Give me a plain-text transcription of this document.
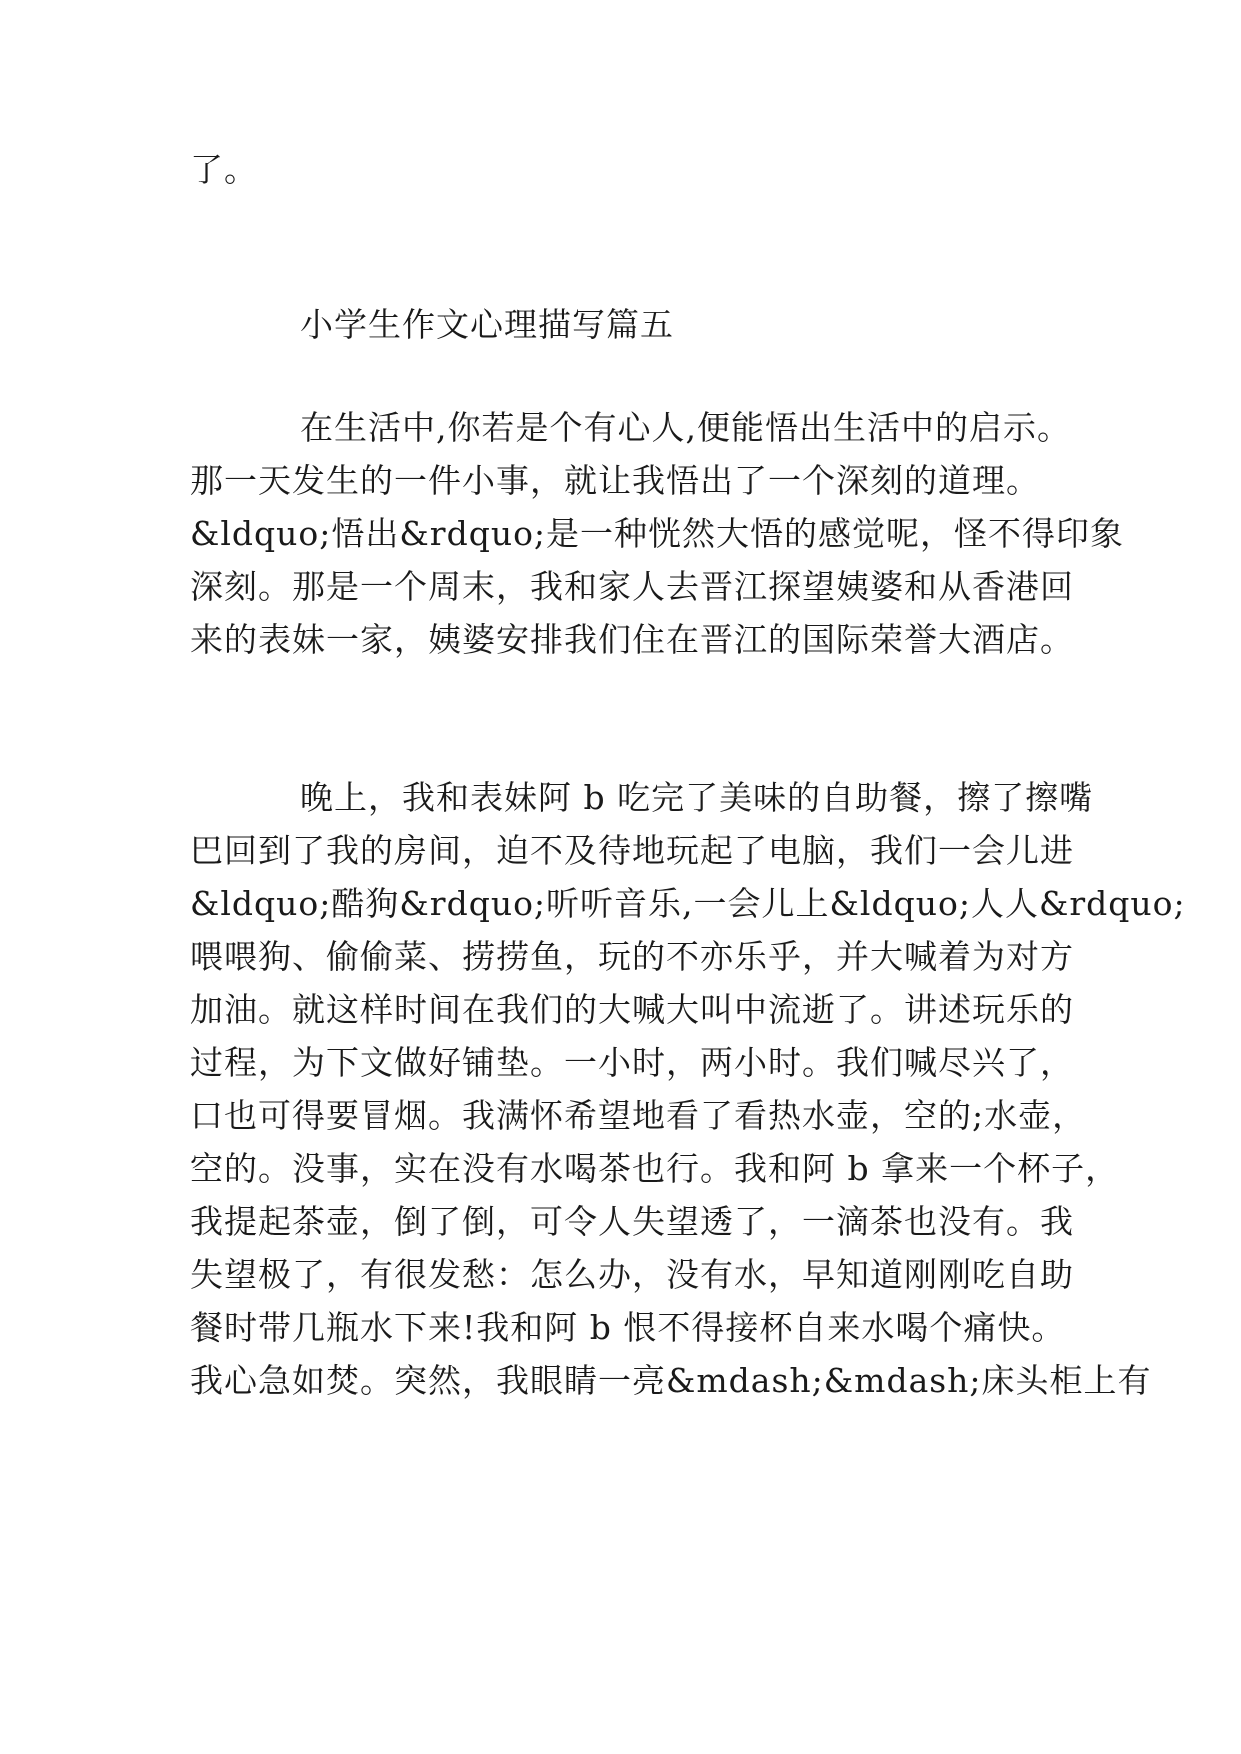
了。
小学生作文心理描写篇五
在生活中,你若是个有心人,便能悟出生活中的启示。
那一天发生的一件小事，就让我悟出了一个深刻的道理。
&ldquo;悟出&rdquo;是一种恍然大悟的感觉呢，怪不得印象
深刻。那是一个周末，我和家人去晋江探望姨婆和从香港回
来的表妹一家，姨婆安排我们住在晋江的国际荣誉大酒店。
晚上，我和表妹阿 b 吃完了美味的自助餐，擦了擦嘴
巴回到了我的房间，迫不及待地玩起了电脑，我们一会儿进
&ldquo;酷狗&rdquo;听听音乐,一会儿上&ldquo;人人&rdquo;
喂喂狗、偷偷菜、捞捞鱼，玩的不亦乐乎，并大喊着为对方
加油。就这样时间在我们的大喊大叫中流逝了。讲述玩乐的
过程，为下文做好铺垫。一小时，两小时。我们喊尽兴了，
口也可得要冒烟。我满怀希望地看了看热水壶，空的;水壶，
空的。没事，实在没有水喝茶也行。我和阿 b 拿来一个杯子，
我提起茶壶，倒了倒，可令人失望透了，一滴茶也没有。我
失望极了，有很发愁：怎么办，没有水，早知道刚刚吃自助
餐时带几瓶水下来!我和阿 b 恨不得接杯自来水喝个痛快。
我心急如焚。突然，我眼睛一亮&mdash;&mdash;床头柜上有
